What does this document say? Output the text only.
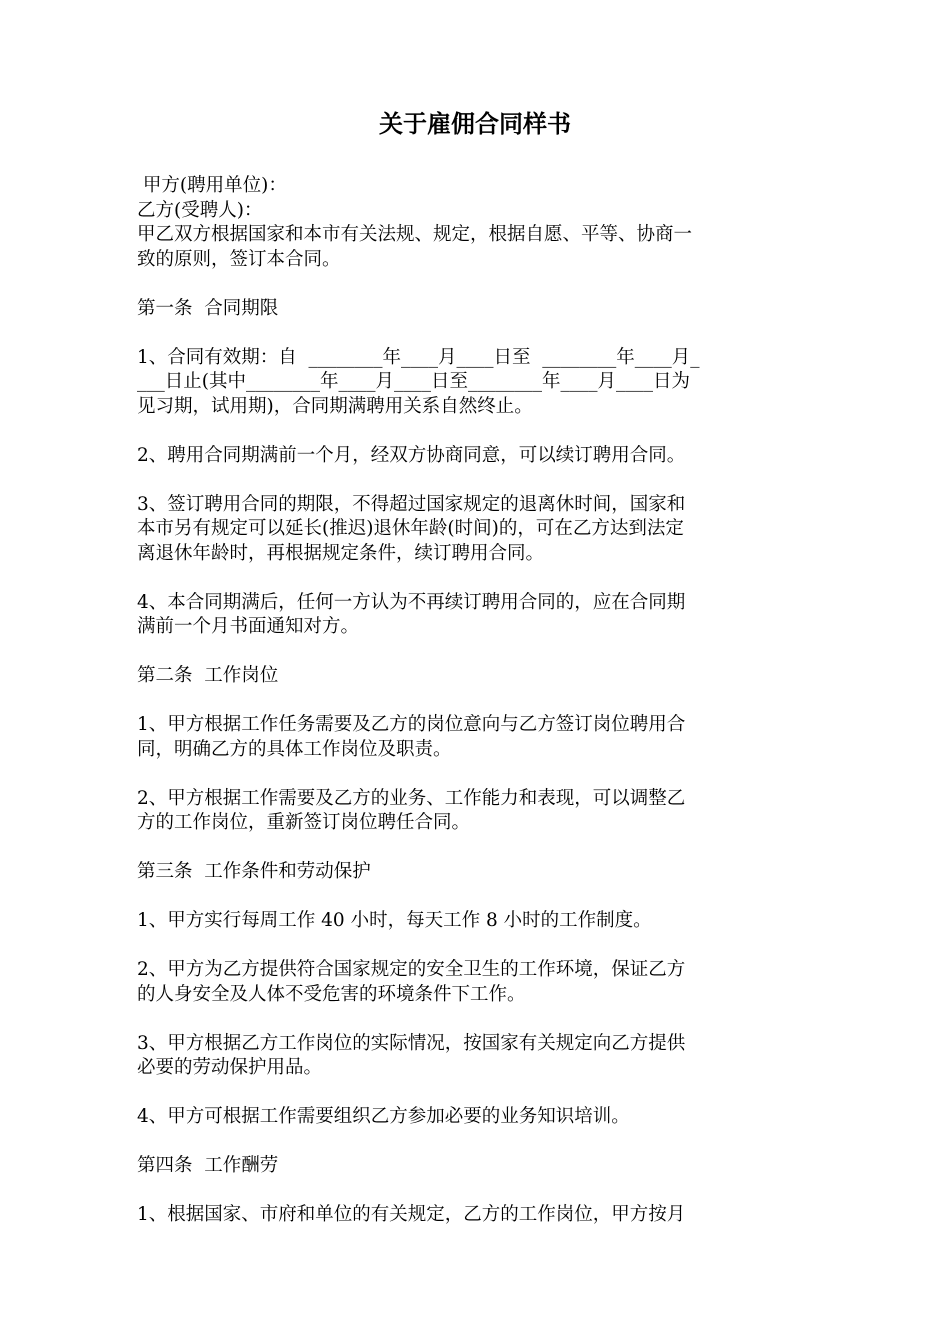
关于雇佣合同样书
甲方(聘用单位)：
乙方(受聘人)：
甲乙双方根据国家和本市有关法规、规定，根据自愿、平等、协商一
致的原则，签订本合同。
第一条  合同期限
1、合同有效期：自  ________年____月____日至  ________年____月_
___日止(其中________年____月____日至________年____月____日为
见习期，试用期)，合同期满聘用关系自然终止。
2、聘用合同期满前一个月，经双方协商同意，可以续订聘用合同。
3、签订聘用合同的期限，不得超过国家规定的退离休时间，国家和
本市另有规定可以延长(推迟)退休年龄(时间)的，可在乙方达到法定
离退休年龄时，再根据规定条件，续订聘用合同。
4、本合同期满后，任何一方认为不再续订聘用合同的，应在合同期
满前一个月书面通知对方。
第二条  工作岗位
1、甲方根据工作任务需要及乙方的岗位意向与乙方签订岗位聘用合
同，明确乙方的具体工作岗位及职责。
2、甲方根据工作需要及乙方的业务、工作能力和表现，可以调整乙
方的工作岗位，重新签订岗位聘任合同。
第三条  工作条件和劳动保护
1、甲方实行每周工作 40 小时，每天工作 8 小时的工作制度。
2、甲方为乙方提供符合国家规定的安全卫生的工作环境，保证乙方
的人身安全及人体不受危害的环境条件下工作。
3、甲方根据乙方工作岗位的实际情况，按国家有关规定向乙方提供
必要的劳动保护用品。
4、甲方可根据工作需要组织乙方参加必要的业务知识培训。
第四条  工作酬劳
1、根据国家、市府和单位的有关规定，乙方的工作岗位，甲方按月
